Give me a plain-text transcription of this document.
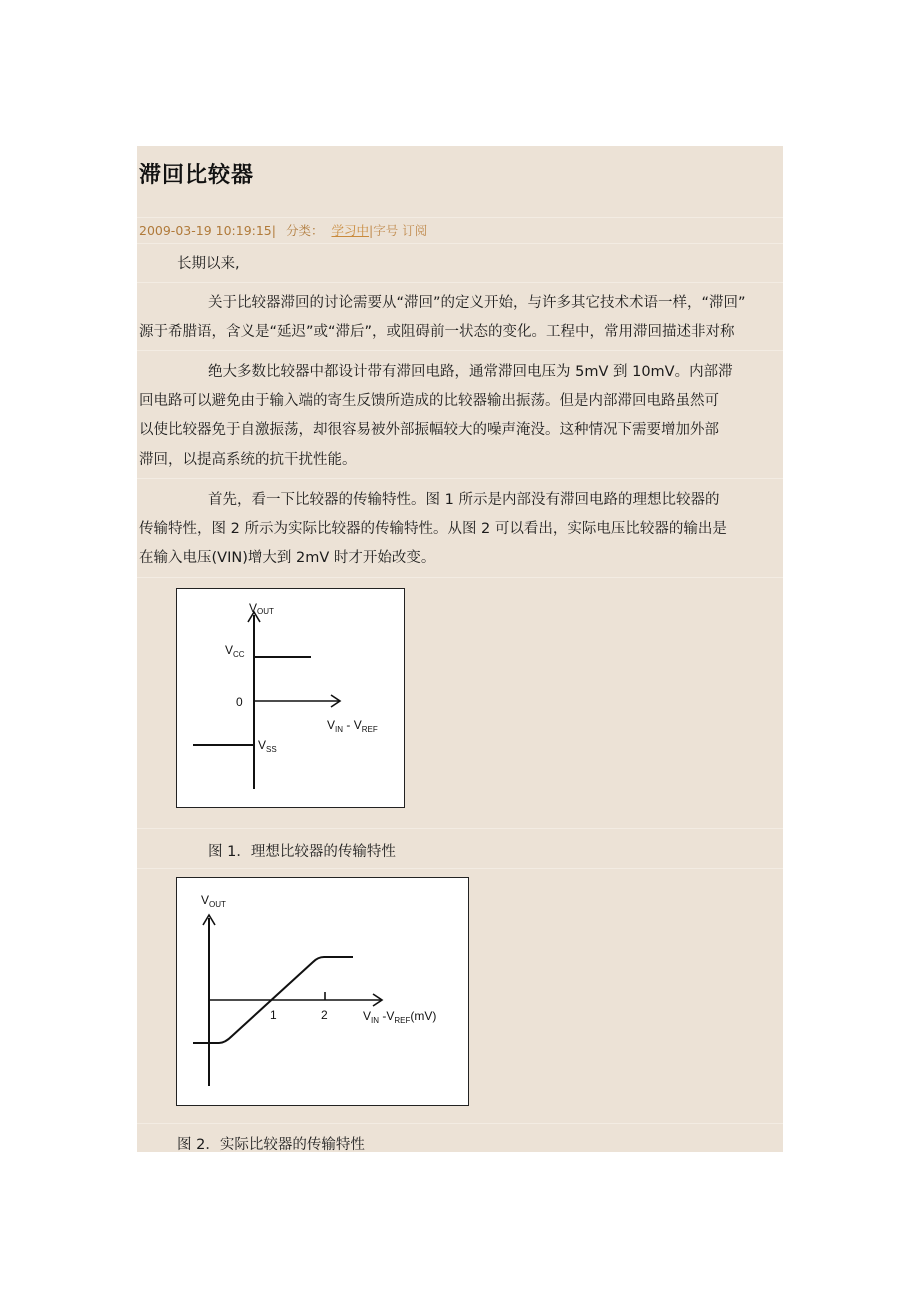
滞回比较器
2009-03-19 10:19:15| 分类： 学习中|字号 订阅
长期以来,
关于比较器滞回的讨论需要从“滞回”的定义开始，与许多其它技术术语一样，“滞回”
源于希腊语，含义是“延迟”或“滞后”，或阻碍前一状态的变化。工程中，常用滞回描述非对称
绝大多数比较器中都设计带有滞回电路，通常滞回电压为 5mV 到 10mV。内部滞
回电路可以避免由于输入端的寄生反馈所造成的比较器输出振荡。但是内部滞回电路虽然可
以使比较器免于自激振荡，却很容易被外部振幅较大的噪声淹没。这种情况下需要增加外部
滞回，以提高系统的抗干扰性能。
首先，看一下比较器的传输特性。图 1 所示是内部没有滞回电路的理想比较器的
传输特性，图 2 所示为实际比较器的传输特性。从图 2 可以看出，实际电压比较器的输出是
在输入电压(VIN)增大到 2mV 时才开始改变。
VOUT
$V_{CC}$
0
$V_{SS}$
$V_{IN} - V_{REF}$
图 1．理想比较器的传输特性
$V_{OUT}$
1	2	$V_{IN}$ $-V_{REF}(mV)$
图 2．实际比较器的传输特性
